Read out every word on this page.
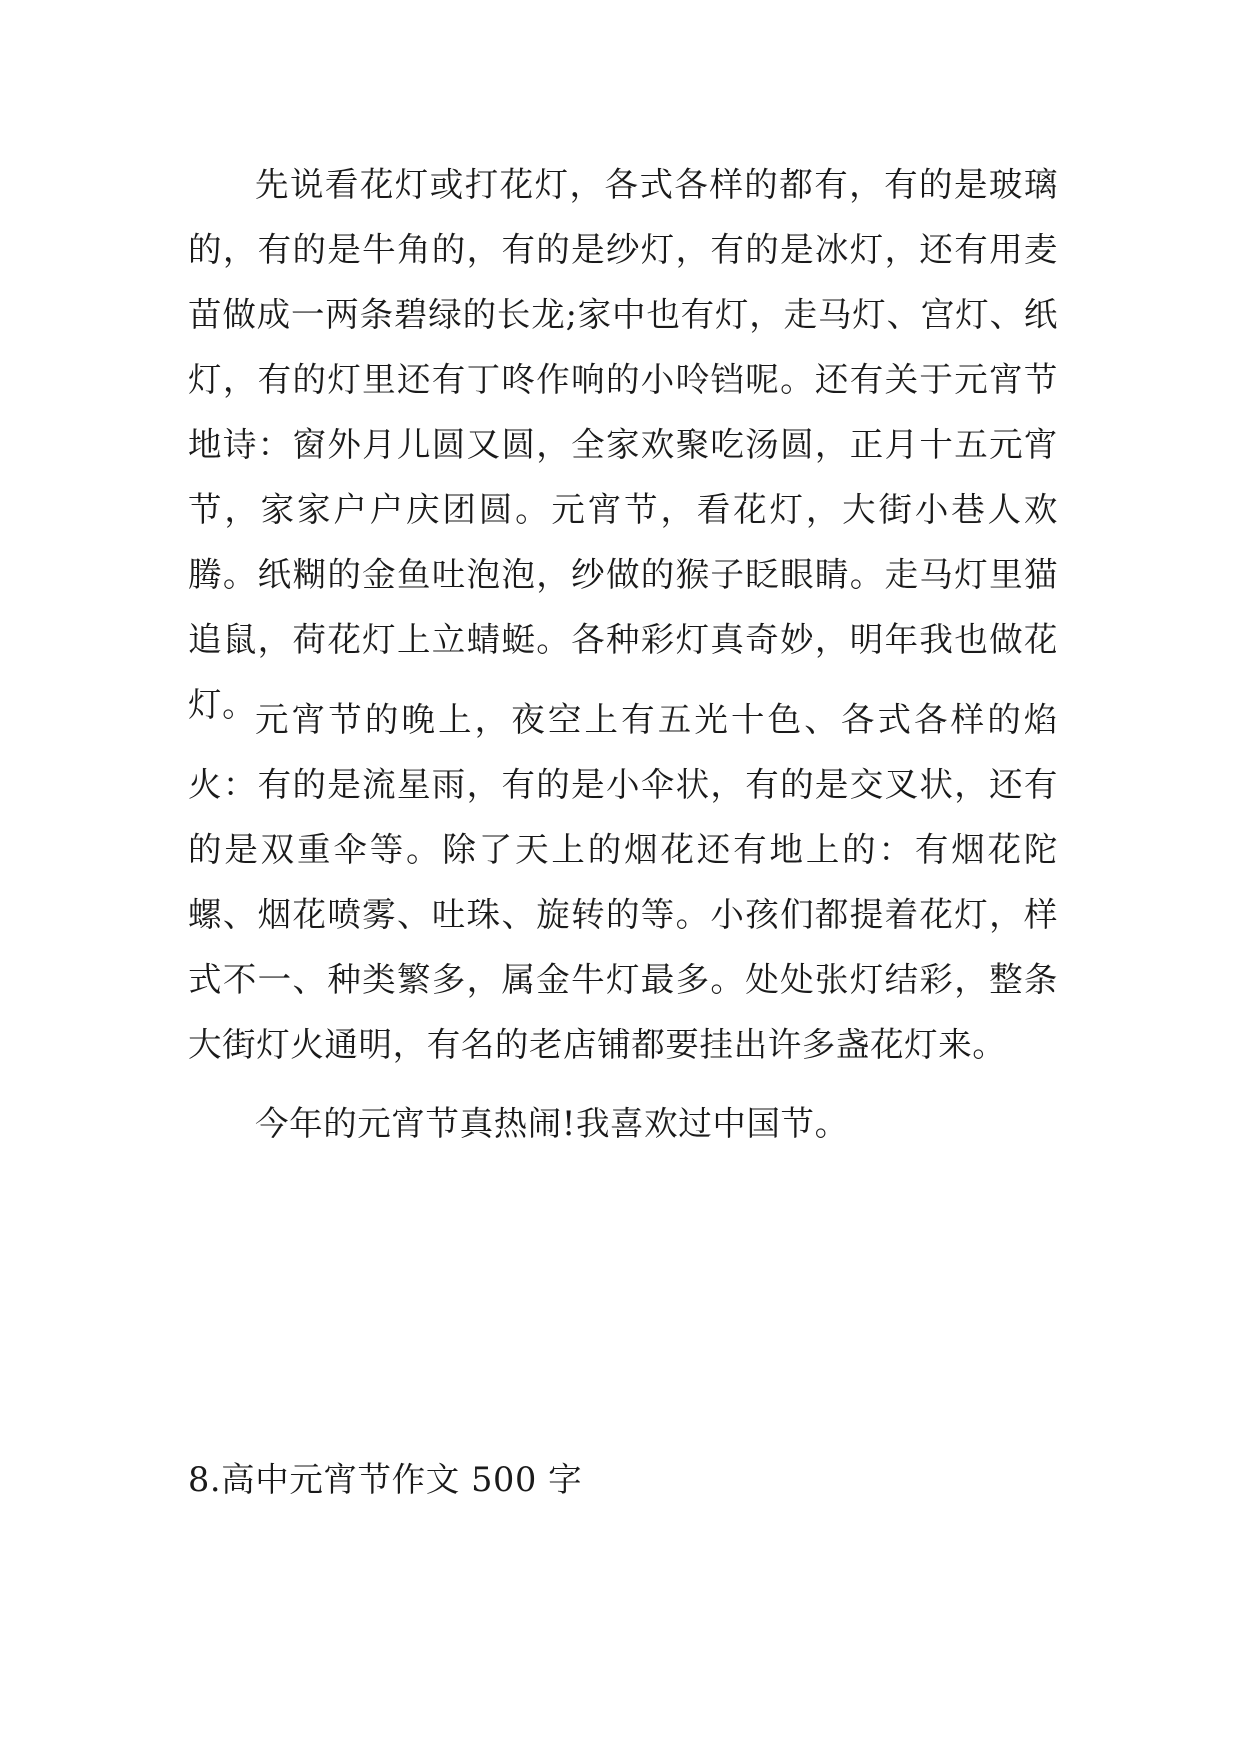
先说看花灯或打花灯，各式各样的都有，有的是玻璃的，有的是牛角的，有的是纱灯，有的是冰灯，还有用麦苗做成一两条碧绿的长龙;家中也有灯，走马灯、宫灯、纸灯，有的灯里还有丁咚作响的小呤铛呢。还有关于元宵节地诗：窗外月儿圆又圆，全家欢聚吃汤圆，正月十五元宵节，家家户户庆团圆。元宵节，看花灯，大街小巷人欢腾。纸糊的金鱼吐泡泡，纱做的猴子眨眼睛。走马灯里猫追鼠，荷花灯上立蜻蜓。各种彩灯真奇妙，明年我也做花灯。

元宵节的晚上，夜空上有五光十色、各式各样的焰火：有的是流星雨，有的是小伞状，有的是交叉状，还有的是双重伞等。除了天上的烟花还有地上的：有烟花陀螺、烟花喷雾、吐珠、旋转的等。小孩们都提着花灯，样式不一、种类繁多，属金牛灯最多。处处张灯结彩，整条大街灯火通明，有名的老店铺都要挂出许多盏花灯来。

今年的元宵节真热闹!我喜欢过中国节。

8.高中元宵节作文 500 字
